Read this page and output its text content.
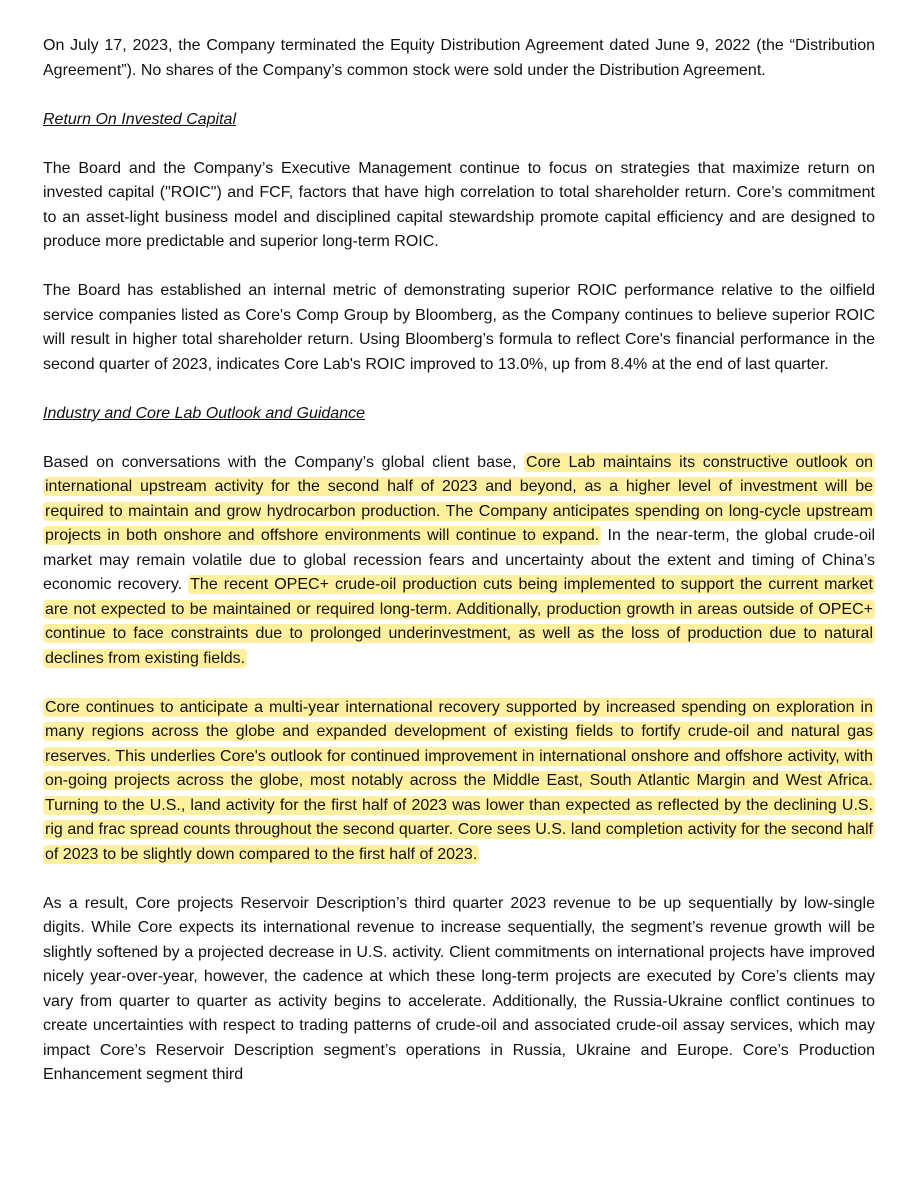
On July 17, 2023, the Company terminated the Equity Distribution Agreement dated June 9, 2022 (the “Distribution Agreement”). No shares of the Company’s common stock were sold under the Distribution Agreement.

Return On Invested Capital

The Board and the Company’s Executive Management continue to focus on strategies that maximize return on invested capital ("ROIC") and FCF, factors that have high correlation to total shareholder return. Core’s commitment to an asset-light business model and disciplined capital stewardship promote capital efficiency and are designed to produce more predictable and superior long-term ROIC.

The Board has established an internal metric of demonstrating superior ROIC performance relative to the oilfield service companies listed as Core's Comp Group by Bloomberg, as the Company continues to believe superior ROIC will result in higher total shareholder return. Using Bloomberg’s formula to reflect Core's financial performance in the second quarter of 2023, indicates Core Lab's ROIC improved to 13.0%, up from 8.4% at the end of last quarter.

Industry and Core Lab Outlook and Guidance

Based on conversations with the Company’s global client base, Core Lab maintains its constructive outlook on international upstream activity for the second half of 2023 and beyond, as a higher level of investment will be required to maintain and grow hydrocarbon production. The Company anticipates spending on long-cycle upstream projects in both onshore and offshore environments will continue to expand. In the near-term, the global crude-oil market may remain volatile due to global recession fears and uncertainty about the extent and timing of China’s economic recovery. The recent OPEC+ crude-oil production cuts being implemented to support the current market are not expected to be maintained or required long-term. Additionally, production growth in areas outside of OPEC+ continue to face constraints due to prolonged underinvestment, as well as the loss of production due to natural declines from existing fields.

Core continues to anticipate a multi-year international recovery supported by increased spending on exploration in many regions across the globe and expanded development of existing fields to fortify crude-oil and natural gas reserves. This underlies Core's outlook for continued improvement in international onshore and offshore activity, with on-going projects across the globe, most notably across the Middle East, South Atlantic Margin and West Africa. Turning to the U.S., land activity for the first half of 2023 was lower than expected as reflected by the declining U.S. rig and frac spread counts throughout the second quarter. Core sees U.S. land completion activity for the second half of 2023 to be slightly down compared to the first half of 2023.

As a result, Core projects Reservoir Description’s third quarter 2023 revenue to be up sequentially by low-single digits. While Core expects its international revenue to increase sequentially, the segment’s revenue growth will be slightly softened by a projected decrease in U.S. activity. Client commitments on international projects have improved nicely year-over-year, however, the cadence at which these long-term projects are executed by Core’s clients may vary from quarter to quarter as activity begins to accelerate. Additionally, the Russia-Ukraine conflict continues to create uncertainties with respect to trading patterns of crude-oil and associated crude-oil assay services, which may impact Core’s Reservoir Description segment’s operations in Russia, Ukraine and Europe. Core’s Production Enhancement segment third
